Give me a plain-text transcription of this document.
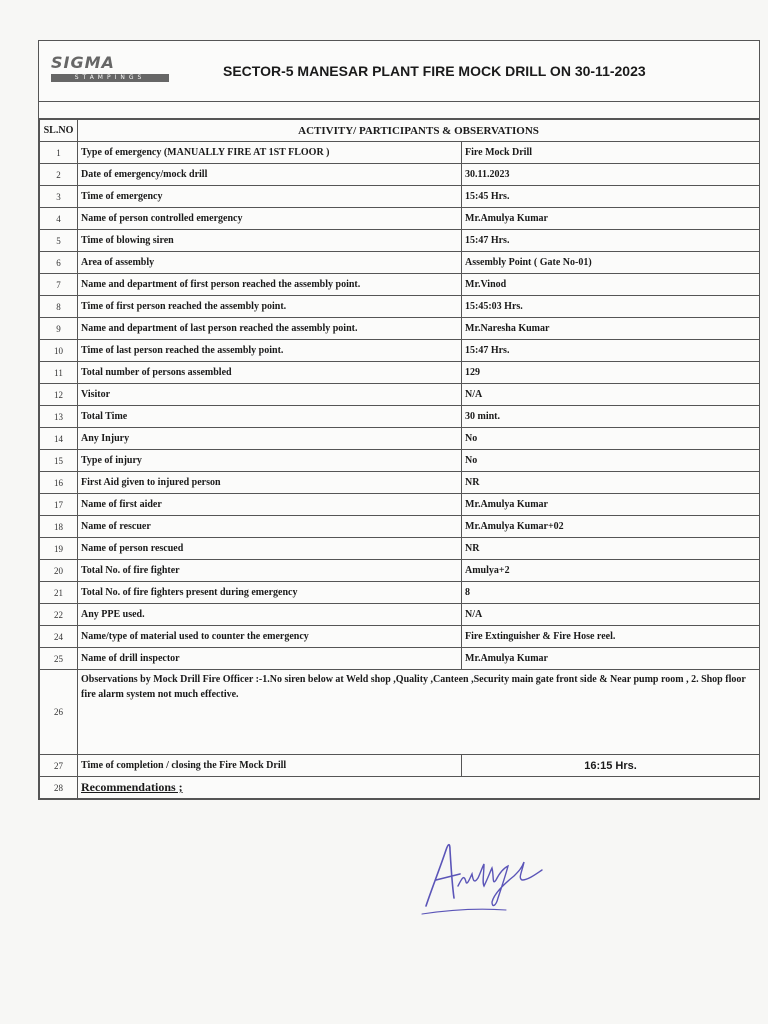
SIGMA
STAMPINGS	SECTOR-5 MANESAR PLANT FIRE MOCK DRILL ON 30-11-2023
SL.NO	ACTIVITY/ PARTICIPANTS & OBSERVATIONS	
1	Type of emergency (MANUALLY FIRE AT 1ST FLOOR )	Fire Mock Drill
2	Date of emergency/mock drill	30.11.2023
3	Time of emergency	15:45 Hrs.
4	Name of person controlled emergency	Mr.Amulya Kumar
5	Time of blowing siren	15:47 Hrs.
6	Area of assembly	Assembly Point ( Gate No-01)
7	Name and department of first person reached the assembly point.	Mr.Vinod
8	Time of first person reached the assembly point.	15:45:03 Hrs.
9	Name and department of last person reached the assembly point.	Mr.Naresha Kumar
10	Time of last person reached the assembly point.	15:47 Hrs.
11	Total number of persons assembled	129
12	Visitor	N/A
13	Total Time	30 mint.
14	Any Injury	No
15	Type of injury	No
16	First Aid given to injured person	NR
17	Name of first aider	Mr.Amulya Kumar
18	Name of rescuer	Mr.Amulya Kumar+02
19	Name of person rescued	NR
20	Total No. of fire fighter	Amulya+2
21	Total No. of fire fighters present during emergency	8
22	Any PPE used.	N/A
24	Name/type of material used to counter the emergency	Fire Extinguisher & Fire Hose reel.
25	Name of drill inspector	Mr.Amulya Kumar
26	Observations by Mock Drill Fire Officer :-1.No siren below at Weld shop ,Quality ,Canteen ,Security main gate front side & Near pump room , 2. Shop floor fire alarm system not much effective.	
27	Time of completion / closing the Fire Mock Drill	16:15 Hrs.
28	Recommendations ;	
